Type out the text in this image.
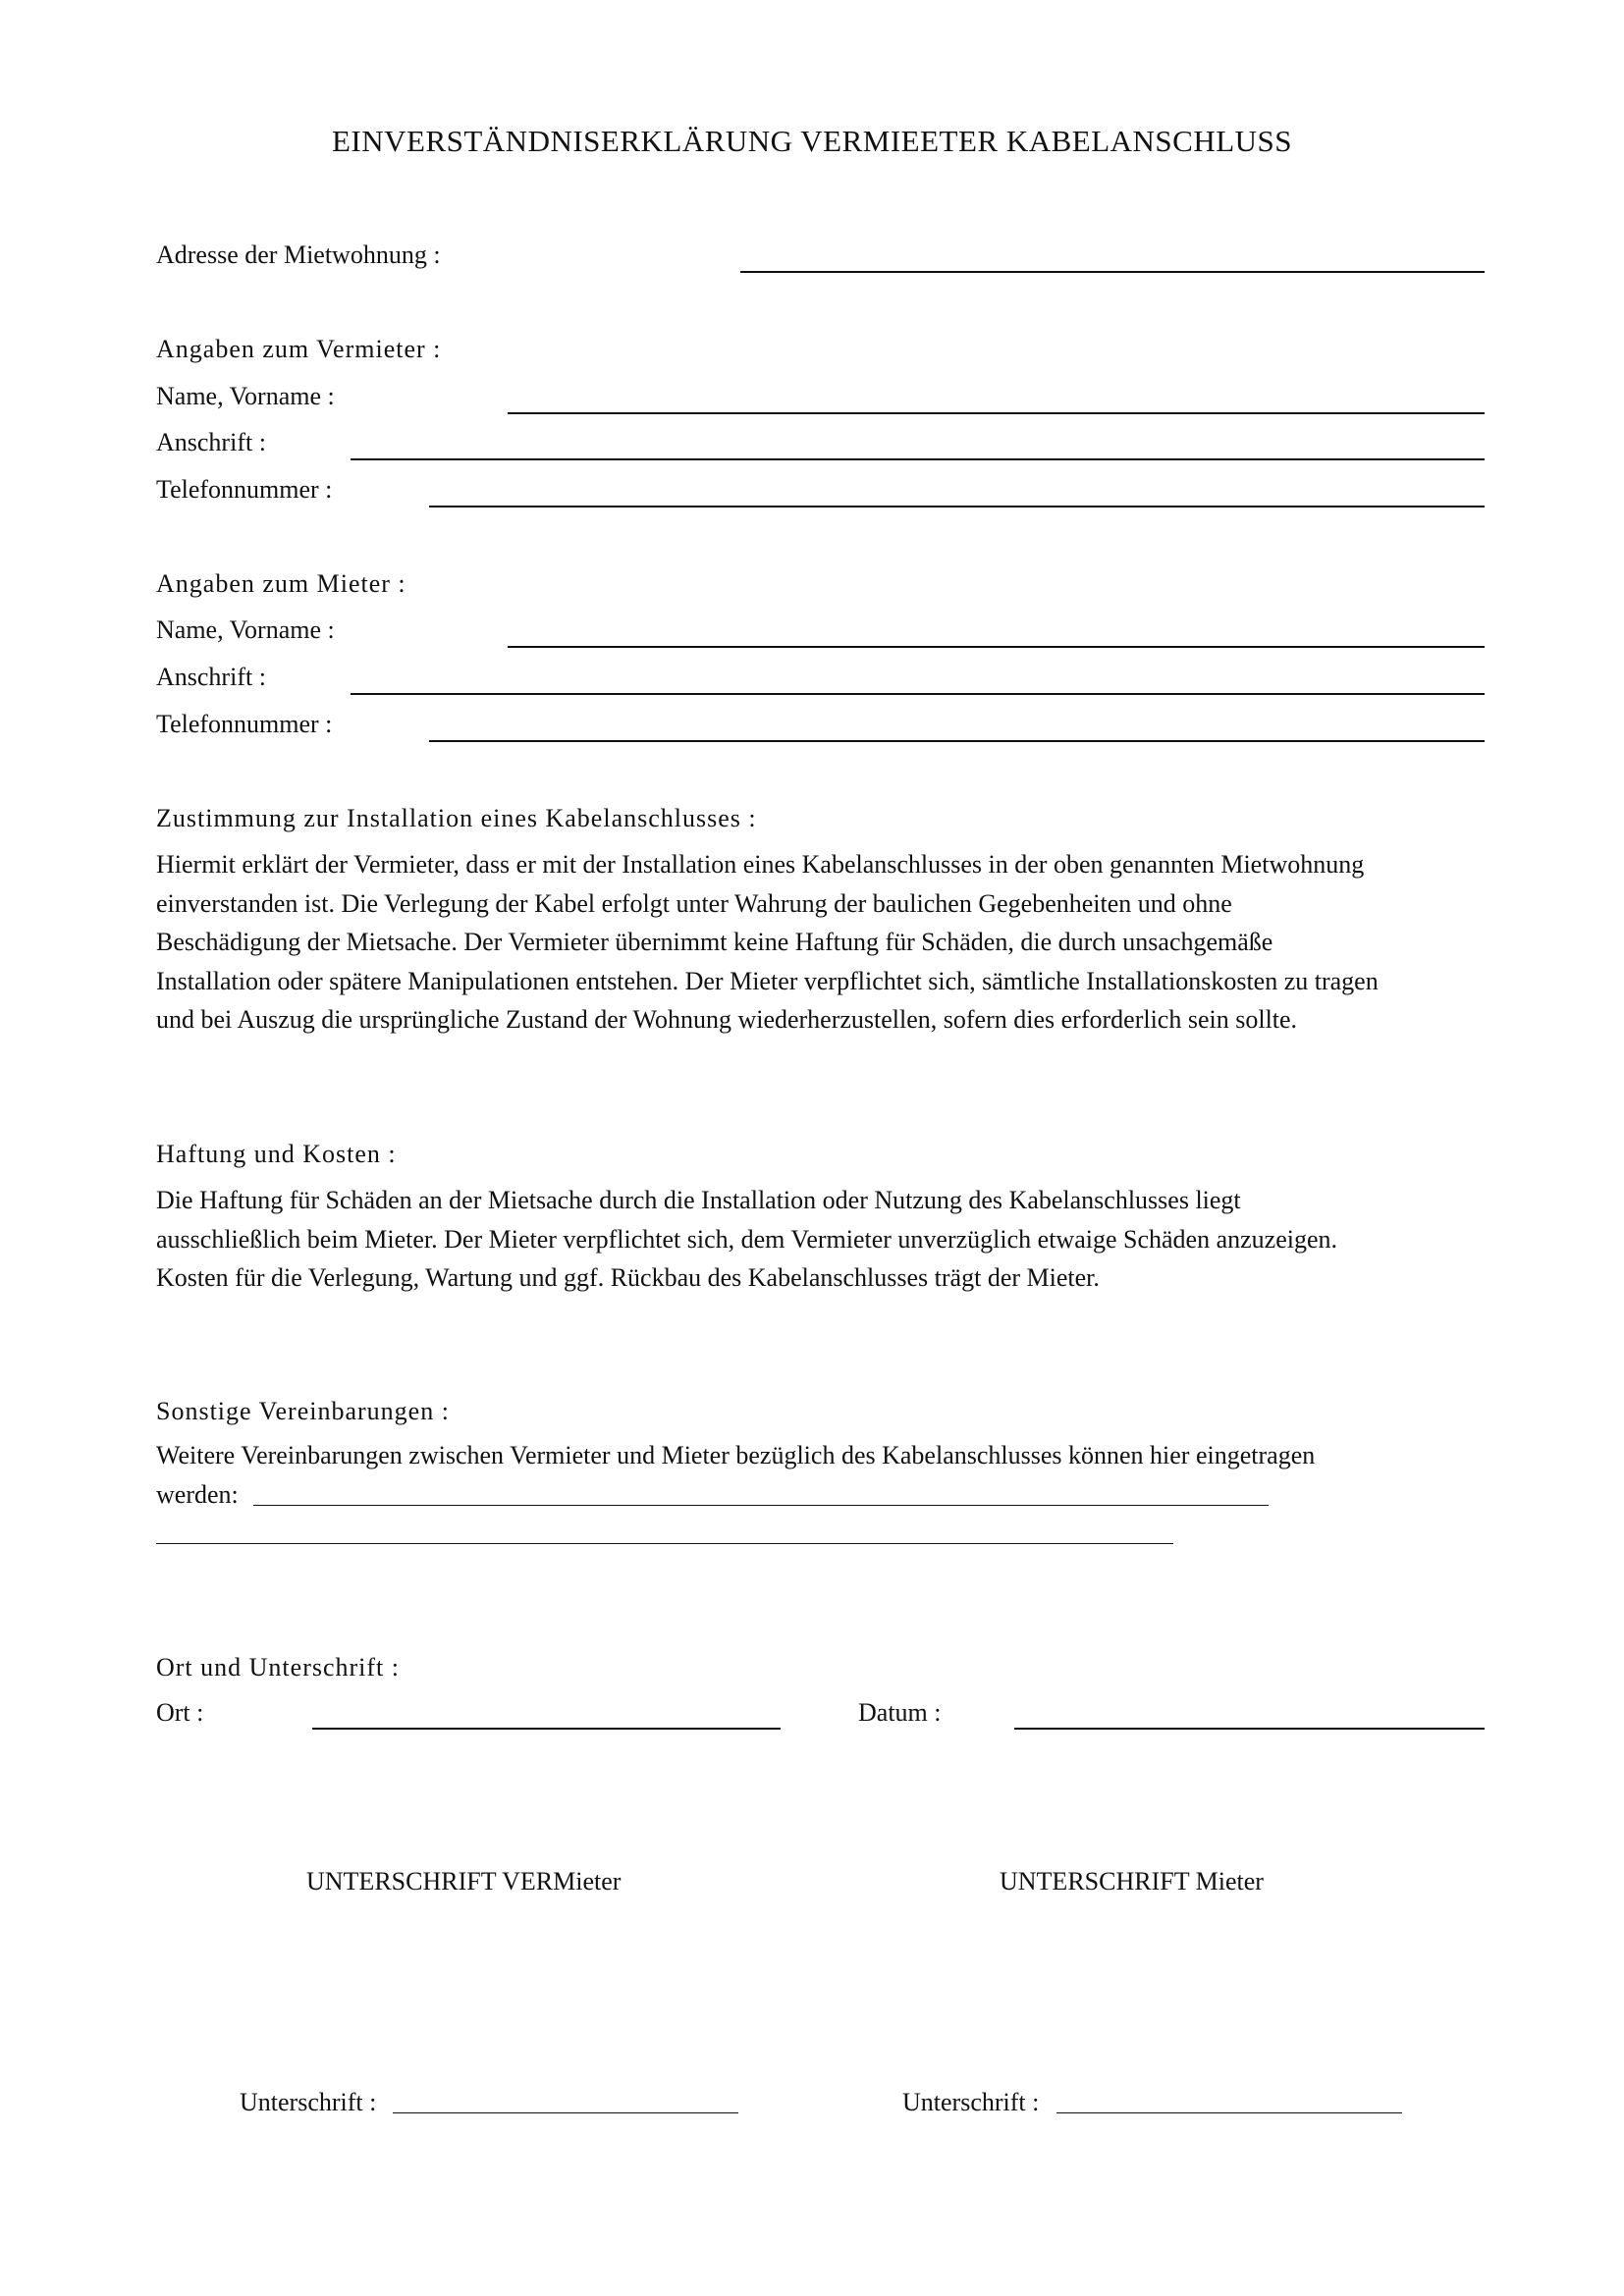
EINVERSTÄNDNISERKLÄRUNG VERMIEETER KABELANSCHLUSS
Adresse der Mietwohnung :
Angaben zum Vermieter :
Name, Vorname :
Anschrift :
Telefonnummer :
Angaben zum Mieter :
Name, Vorname :
Anschrift :
Telefonnummer :
Zustimmung zur Installation eines Kabelanschlusses :

Hiermit erklärt der Vermieter, dass er mit der Installation eines Kabelanschlusses in der oben genannten Mietwohnung

einverstanden ist. Die Verlegung der Kabel erfolgt unter Wahrung der baulichen Gegebenheiten und ohne

Beschädigung der Mietsache. Der Vermieter übernimmt keine Haftung für Schäden, die durch unsachgemäße

Installation oder spätere Manipulationen entstehen. Der Mieter verpflichtet sich, sämtliche Installationskosten zu tragen

und bei Auszug die ursprüngliche Zustand der Wohnung wiederherzustellen, sofern dies erforderlich sein sollte.

Haftung und Kosten :

Die Haftung für Schäden an der Mietsache durch die Installation oder Nutzung des Kabelanschlusses liegt

ausschließlich beim Mieter. Der Mieter verpflichtet sich, dem Vermieter unverzüglich etwaige Schäden anzuzeigen.

Kosten für die Verlegung, Wartung und ggf. Rückbau des Kabelanschlusses trägt der Mieter.

Sonstige Vereinbarungen :
Weitere Vereinbarungen zwischen Vermieter und Mieter bezüglich des Kabelanschlusses können hier eingetragen
werden:
Ort und Unterschrift :
Ort :	Datum :
UNTERSCHRIFT VERMieter	UNTERSCHRIFT Mieter
Unterschrift :	Unterschrift :
